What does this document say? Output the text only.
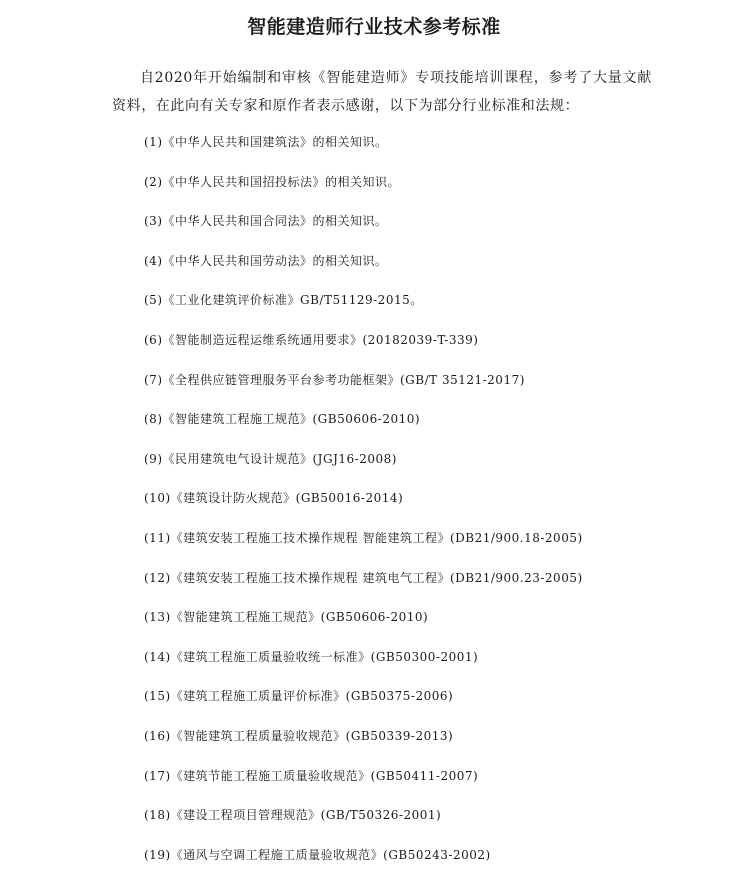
智能建造师行业技术参考标准

自2020年开始编制和审核《智能建造师》专项技能培训课程，参考了大量文献资料，在此向有关专家和原作者表示感谢，以下为部分行业标准和法规：

(1)《中华人民共和国建筑法》的相关知识。
(2)《中华人民共和国招投标法》的相关知识。
(3)《中华人民共和国合同法》的相关知识。
(4)《中华人民共和国劳动法》的相关知识。
(5)《工业化建筑评价标准》GB/T51129-2015。
(6)《智能制造远程运维系统通用要求》(20182039-T-339)
(7)《全程供应链管理服务平台参考功能框架》(GB/T 35121-2017)
(8)《智能建筑工程施工规范》(GB50606-2010)
(9)《民用建筑电气设计规范》(JGJ16-2008)
(10)《建筑设计防火规范》(GB50016-2014)
(11)《建筑安装工程施工技术操作规程 智能建筑工程》(DB21/900.18-2005)
(12)《建筑安装工程施工技术操作规程 建筑电气工程》(DB21/900.23-2005)
(13)《智能建筑工程施工规范》(GB50606-2010)
(14)《建筑工程施工质量验收统一标准》(GB50300-2001)
(15)《建筑工程施工质量评价标准》(GB50375-2006)
(16)《智能建筑工程质量验收规范》(GB50339-2013)
(17)《建筑节能工程施工质量验收规范》(GB50411-2007)
(18)《建设工程项目管理规范》(GB/T50326-2001)
(19)《通风与空调工程施工质量验收规范》(GB50243-2002)
